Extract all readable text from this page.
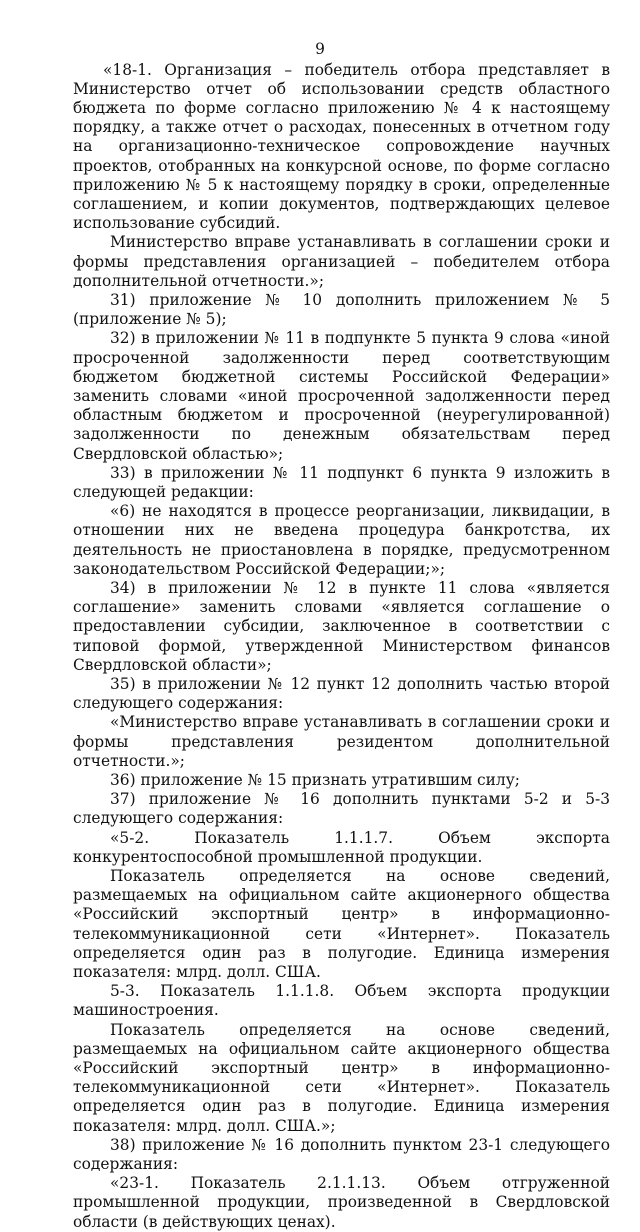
9

«18-1. Организация – победитель отбора представляет в Министерство отчет об использовании средств областного бюджета по форме согласно приложению № 4 к настоящему порядку, а также отчет о расходах, понесенных в отчетном году на организационно-техническое сопровождение научных проектов, отобранных на конкурсной основе, по форме согласно приложению № 5 к настоящему порядку в сроки, определенные соглашением, и копии документов, подтверждающих целевое использование субсидий.

Министерство вправе устанавливать в соглашении сроки и формы представления организацией – победителем отбора дополнительной отчетности.»;

31) приложение № 10 дополнить приложением № 5 (приложение № 5);

32) в приложении № 11 в подпункте 5 пункта 9 слова «иной просроченной задолженности перед соответствующим бюджетом бюджетной системы Российской Федерации» заменить словами «иной просроченной задолженности перед областным бюджетом и просроченной (неурегулированной) задолженности по денежным обязательствам перед Свердловской областью»;

33) в приложении № 11 подпункт 6 пункта 9 изложить в следующей редакции:

«6) не находятся в процессе реорганизации, ликвидации, в отношении них не введена процедура банкротства, их деятельность не приостановлена в порядке, предусмотренном законодательством Российской Федерации;»;

34) в приложении № 12 в пункте 11 слова «является соглашение» заменить словами «является соглашение о предоставлении субсидии, заключенное в соответствии с типовой формой, утвержденной Министерством финансов Свердловской области»;

35) в приложении № 12 пункт 12 дополнить частью второй следующего содержания:

«Министерство вправе устанавливать в соглашении сроки и формы представления резидентом дополнительной отчетности.»;

36) приложение № 15 признать утратившим силу;

37) приложение № 16 дополнить пунктами 5-2 и 5-3 следующего содержания:

«5-2. Показатель 1.1.1.7. Объем экспорта конкурентоспособной промышленной продукции.

Показатель определяется на основе сведений, размещаемых на официальном сайте акционерного общества «Российский экспортный центр» в информационно-телекоммуникационной сети «Интернет». Показатель определяется один раз в полугодие. Единица измерения показателя: млрд. долл. США.

5-3. Показатель 1.1.1.8. Объем экспорта продукции машиностроения.

Показатель определяется на основе сведений, размещаемых на официальном сайте акционерного общества «Российский экспортный центр» в информационно-телекоммуникационной сети «Интернет». Показатель определяется один раз в полугодие. Единица измерения показателя: млрд. долл. США.»;

38) приложение № 16 дополнить пунктом 23-1 следующего содержания:

«23-1. Показатель 2.1.1.13. Объем отгруженной промышленной продукции, произведенной в Свердловской области (в действующих ценах).
